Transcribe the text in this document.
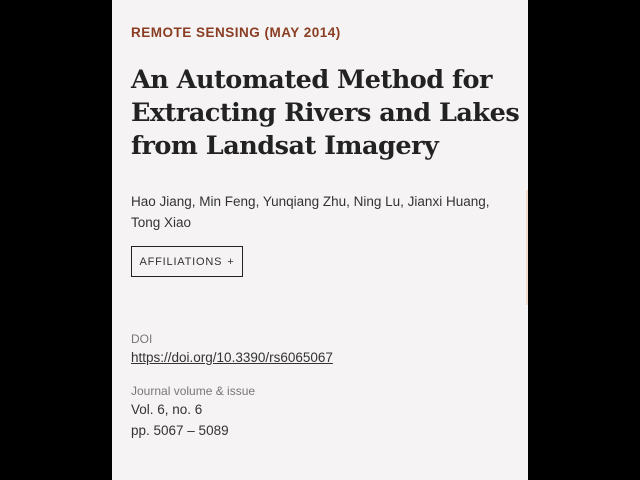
REMOTE SENSING (MAY 2014)
An Automated Method for Extracting Rivers and Lakes from Landsat Imagery
Hao Jiang, Min Feng, Yunqiang Zhu, Ning Lu, Jianxi Huang, Tong Xiao
AFFILIATIONS +
DOI
https://doi.org/10.3390/rs6065067
Journal volume & issue
Vol. 6, no. 6
pp. 5067 – 5089
